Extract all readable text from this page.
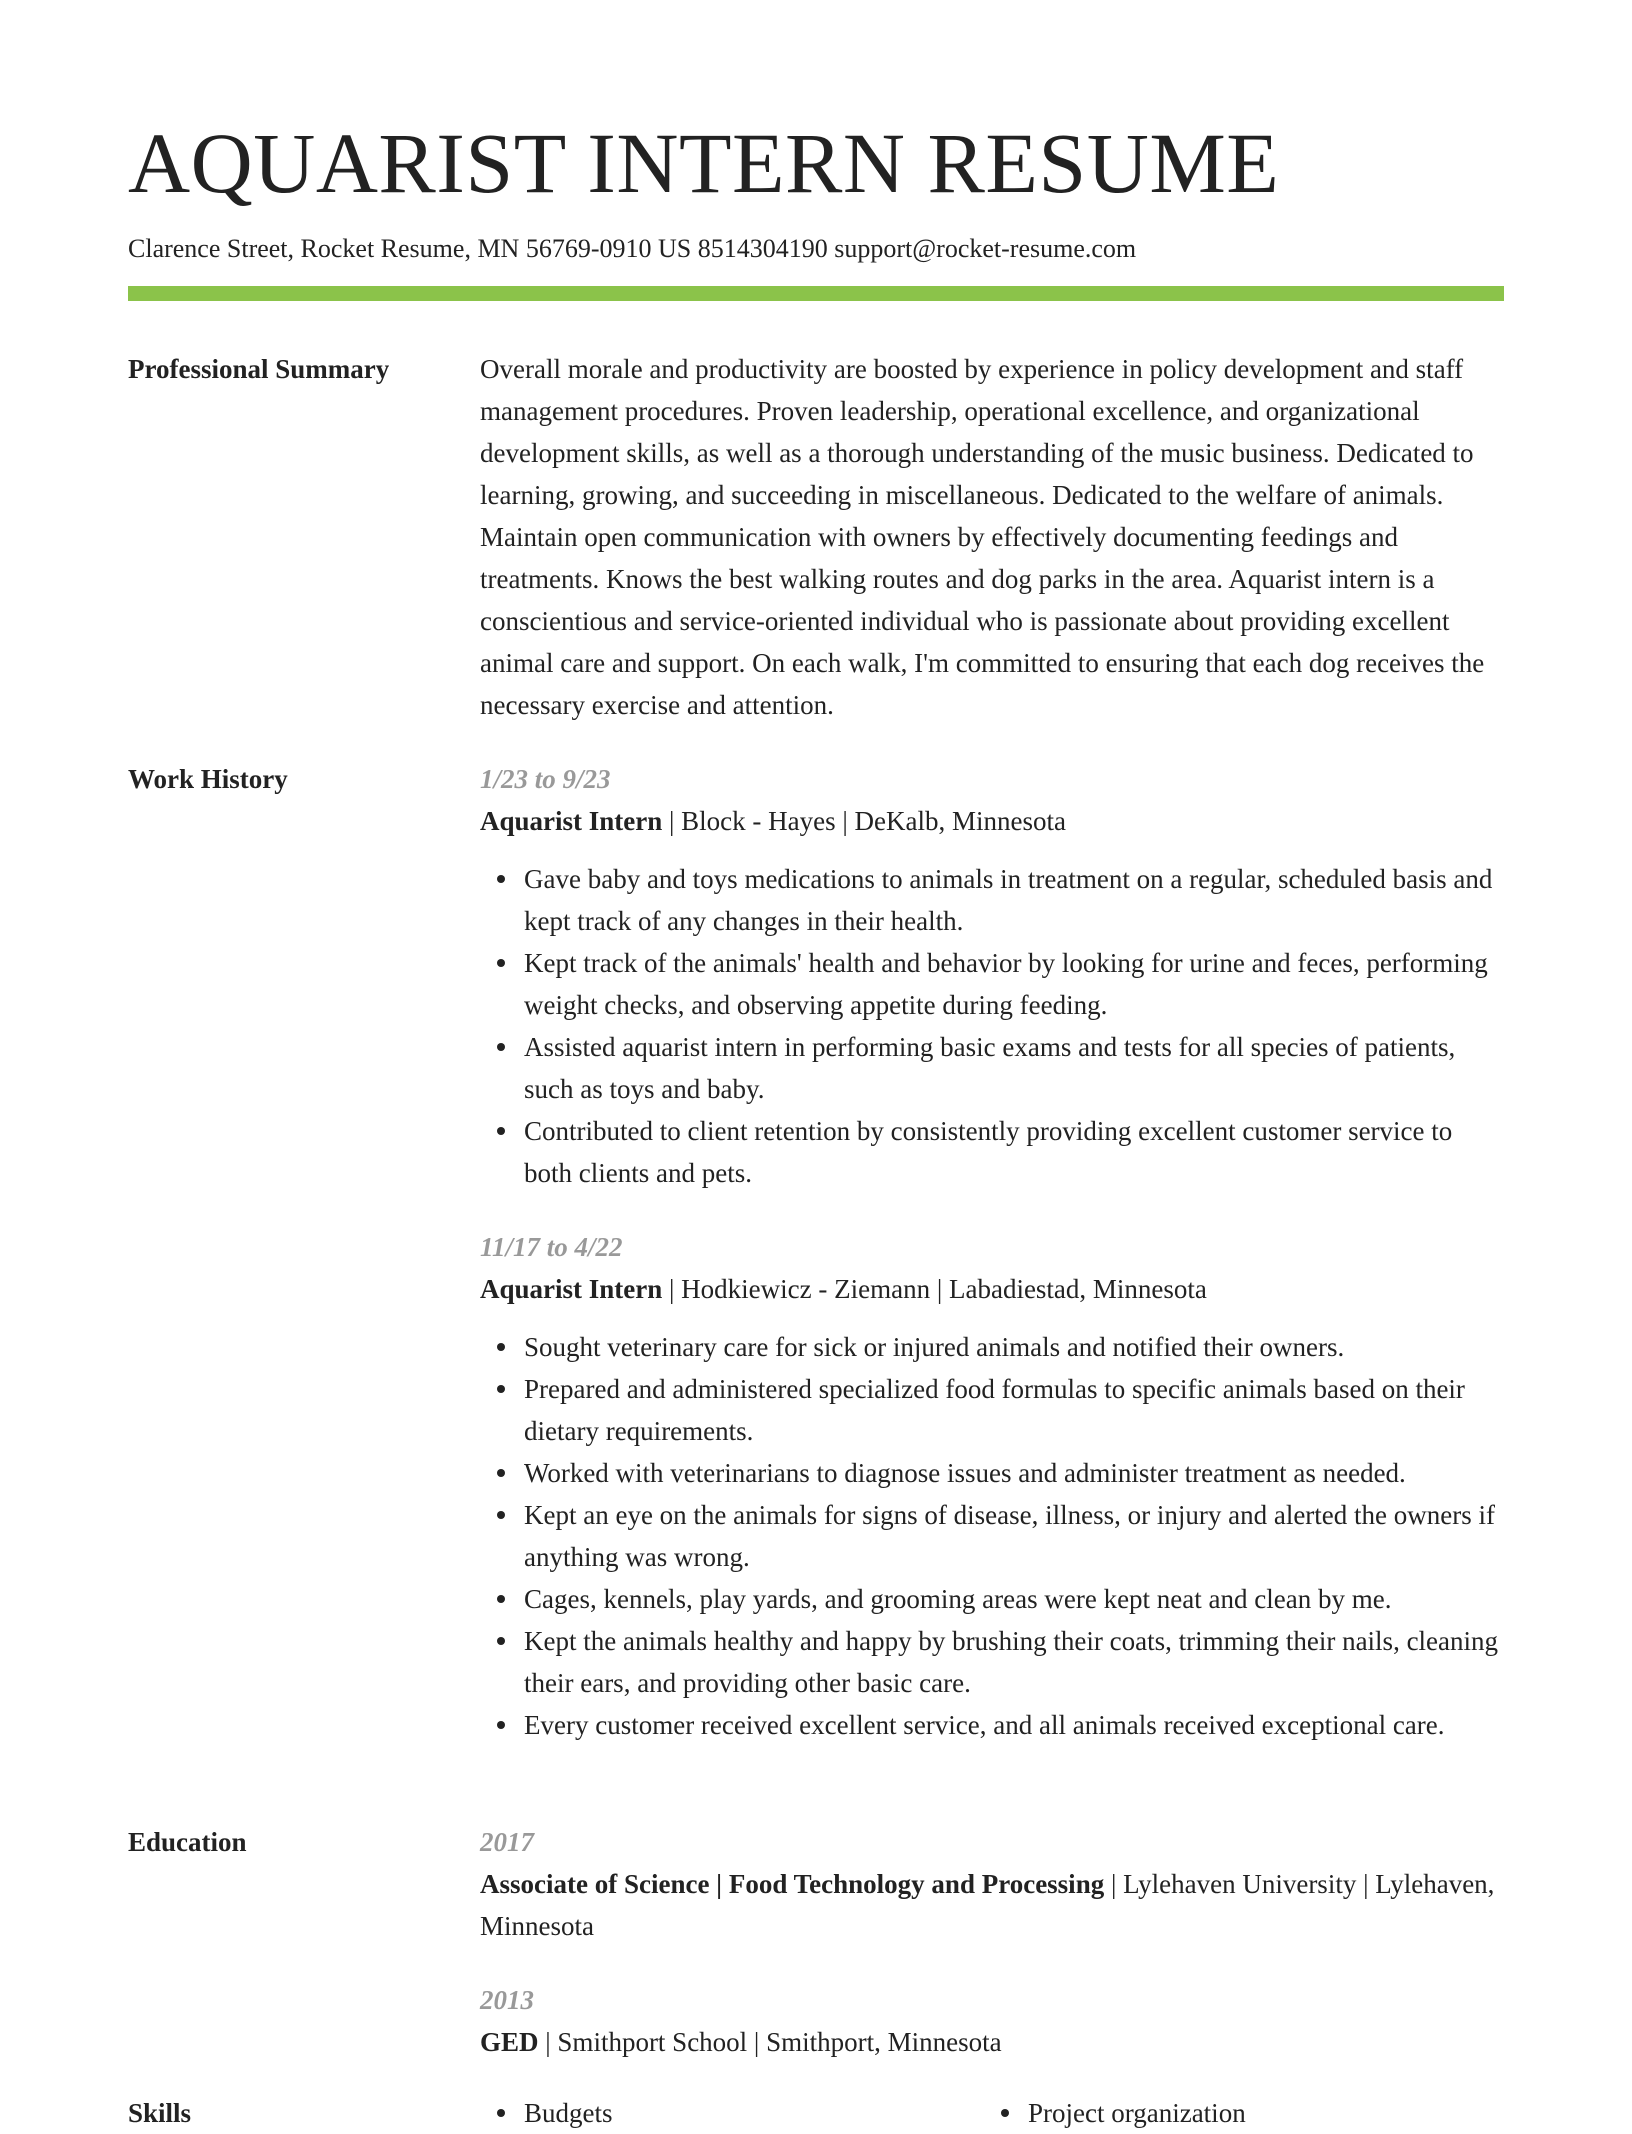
AQUARIST INTERN RESUME
Clarence Street, Rocket Resume, MN 56769-0910 US 8514304190 support@rocket-resume.com
Professional Summary	Overall morale and productivity are boosted by experience in policy development and staff management procedures. Proven leadership, operational excellence, and organizational development skills, as well as a thorough understanding of the music business. Dedicated to learning, growing, and succeeding in miscellaneous. Dedicated to the welfare of animals. Maintain open communication with owners by effectively documenting feedings and treatments. Knows the best walking routes and dog parks in the area. Aquarist intern is a conscientious and service-oriented individual who is passionate about providing excellent animal care and support. On each walk, I'm committed to ensuring that each dog receives the necessary exercise and attention.

Work History	1/23 to 9/23
Aquarist Intern | Block - Hayes | DeKalb, Minnesota
Gave baby and toys medications to animals in treatment on a regular, scheduled basis and kept track of any changes in their health.
Kept track of the animals' health and behavior by looking for urine and feces, performing weight checks, and observing appetite during feeding.
Assisted aquarist intern in performing basic exams and tests for all species of patients, such as toys and baby.
Contributed to client retention by consistently providing excellent customer service to both clients and pets.
11/17 to 4/22
Aquarist Intern | Hodkiewicz - Ziemann | Labadiestad, Minnesota
Sought veterinary care for sick or injured animals and notified their owners.
Prepared and administered specialized food formulas to specific animals based on their dietary requirements.
Worked with veterinarians to diagnose issues and administer treatment as needed.
Kept an eye on the animals for signs of disease, illness, or injury and alerted the owners if anything was wrong.
Cages, kennels, play yards, and grooming areas were kept neat and clean by me.
Kept the animals healthy and happy by brushing their coats, trimming their nails, cleaning their ears, and providing other basic care.
Every customer received excellent service, and all animals received exceptional care.
Education	2017
Associate of Science | Food Technology and Processing | Lylehaven University | Lylehaven, Minnesota
2013
GED | Smithport School | Smithport, Minnesota
Skills	Budgets	Project organization
